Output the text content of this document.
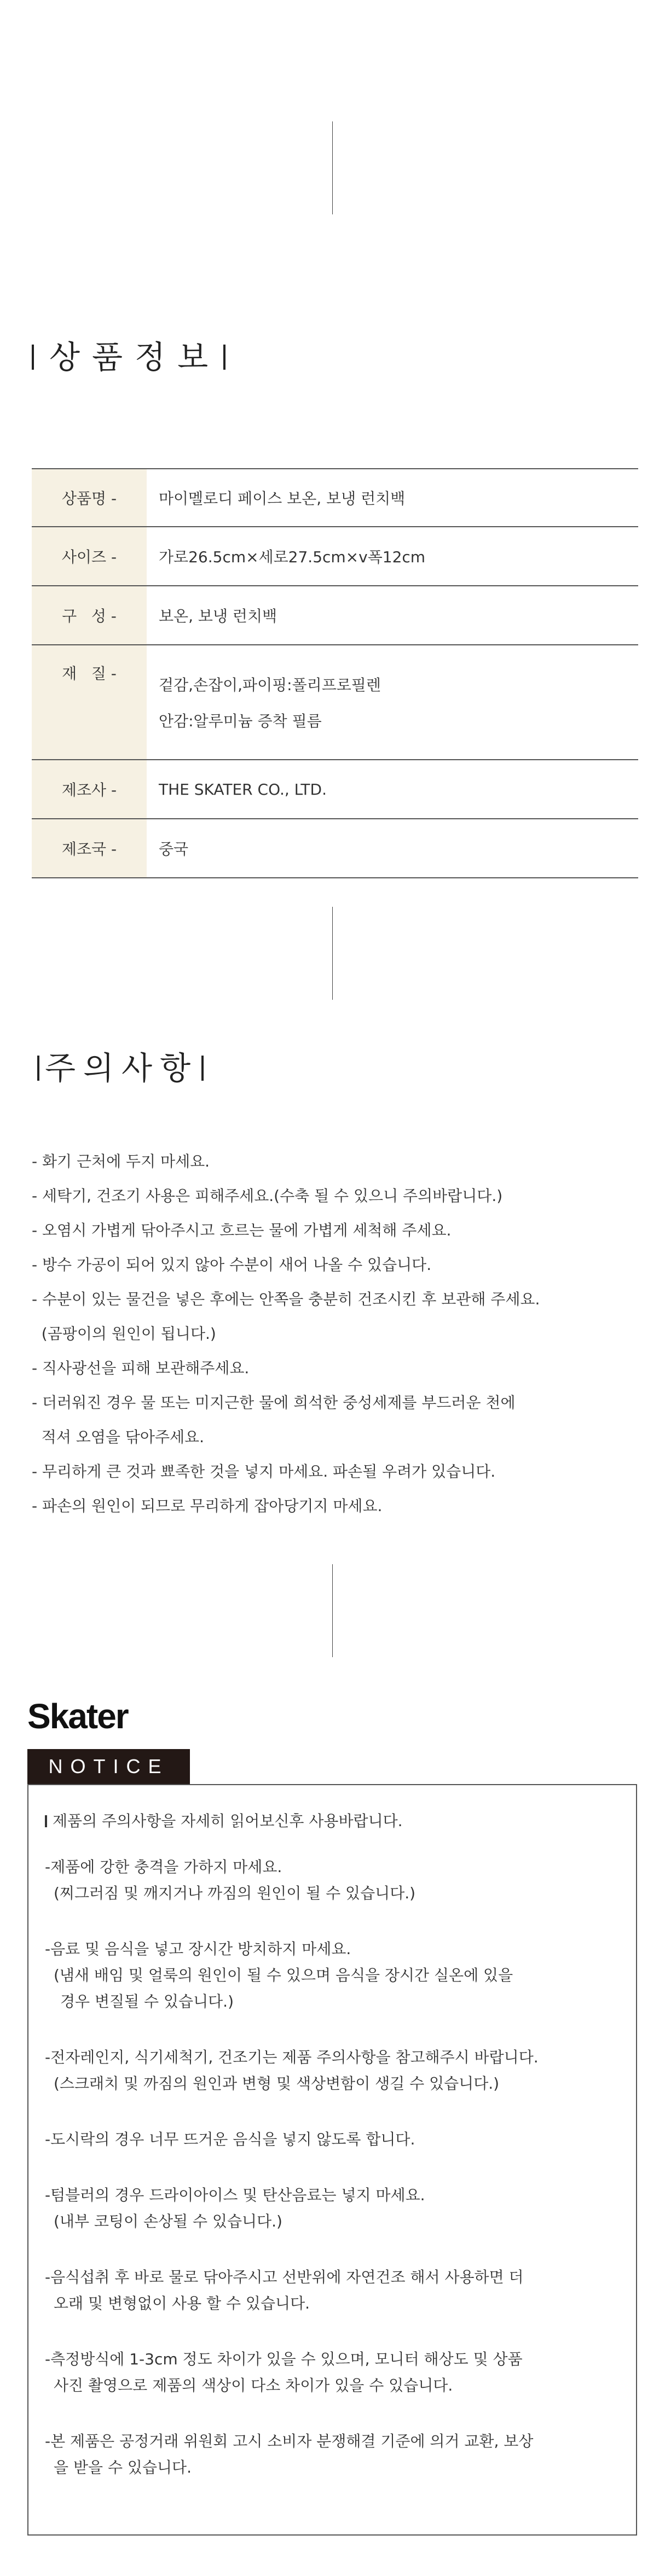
상품정보
상품명 -	마이멜로디 페이스 보온, 보냉 런치백
사이즈 -	가로26.5cm×세로27.5cm×v폭12cm
구   성 -	보온, 보냉 런치백
재   질 -	겉감,손잡이,파이핑:폴리프로필렌
안감:알루미늄 증착 필름

제조사 -	THE SKATER CO., LTD.
제조국 -	중국
주의사항
- 화기 근처에 두지 마세요.
- 세탁기, 건조기 사용은 피해주세요.(수축 될 수 있으니 주의바랍니다.)
- 오염시 가볍게 닦아주시고 흐르는 물에 가볍게 세척해 주세요.
- 방수 가공이 되어 있지 않아 수분이 새어 나올 수 있습니다.
- 수분이 있는 물건을 넣은 후에는 안쪽을 충분히 건조시킨 후 보관해 주세요.
(곰팡이의 원인이 됩니다.)
- 직사광선을 피해 보관해주세요.
- 더러워진 경우 물 또는 미지근한 물에 희석한 중성세제를 부드러운 천에
적셔 오염을 닦아주세요.
- 무리하게 큰 것과 뾰족한 것을 넣지 마세요. 파손될 우려가 있습니다.
- 파손의 원인이 되므로 무리하게 잡아당기지 마세요.
Skater
NOTICE
제품의 주의사항을 자세히 읽어보신후 사용바랍니다.
-제품에 강한 충격을 가하지 마세요.
(찌그러짐 및 깨지거나 까짐의 원인이 될 수 있습니다.)
-음료 및 음식을 넣고 장시간 방치하지 마세요.
(냄새 배임 및 얼룩의 원인이 될 수 있으며 음식을 장시간 실온에 있을
경우 변질될 수 있습니다.)
-전자레인지, 식기세척기, 건조기는 제품 주의사항을 참고해주시 바랍니다.
(스크래치 및 까짐의 원인과 변형 및 색상변함이 생길 수 있습니다.)
-도시락의 경우 너무 뜨거운 음식을 넣지 않도록 합니다.
-텀블러의 경우 드라이아이스 및 탄산음료는 넣지 마세요.
(내부 코팅이 손상될 수 있습니다.)
-음식섭취 후 바로 물로 닦아주시고 선반위에 자연건조 해서 사용하면 더
오래 및 변형없이 사용 할 수 있습니다.
-측정방식에 1-3cm 정도 차이가 있을 수 있으며, 모니터 해상도 및 상품
사진 촬영으로 제품의 색상이 다소 차이가 있을 수 있습니다.
-본 제품은 공정거래 위원회 고시 소비자 분쟁해결 기준에 의거 교환, 보상
을 받을 수 있습니다.
